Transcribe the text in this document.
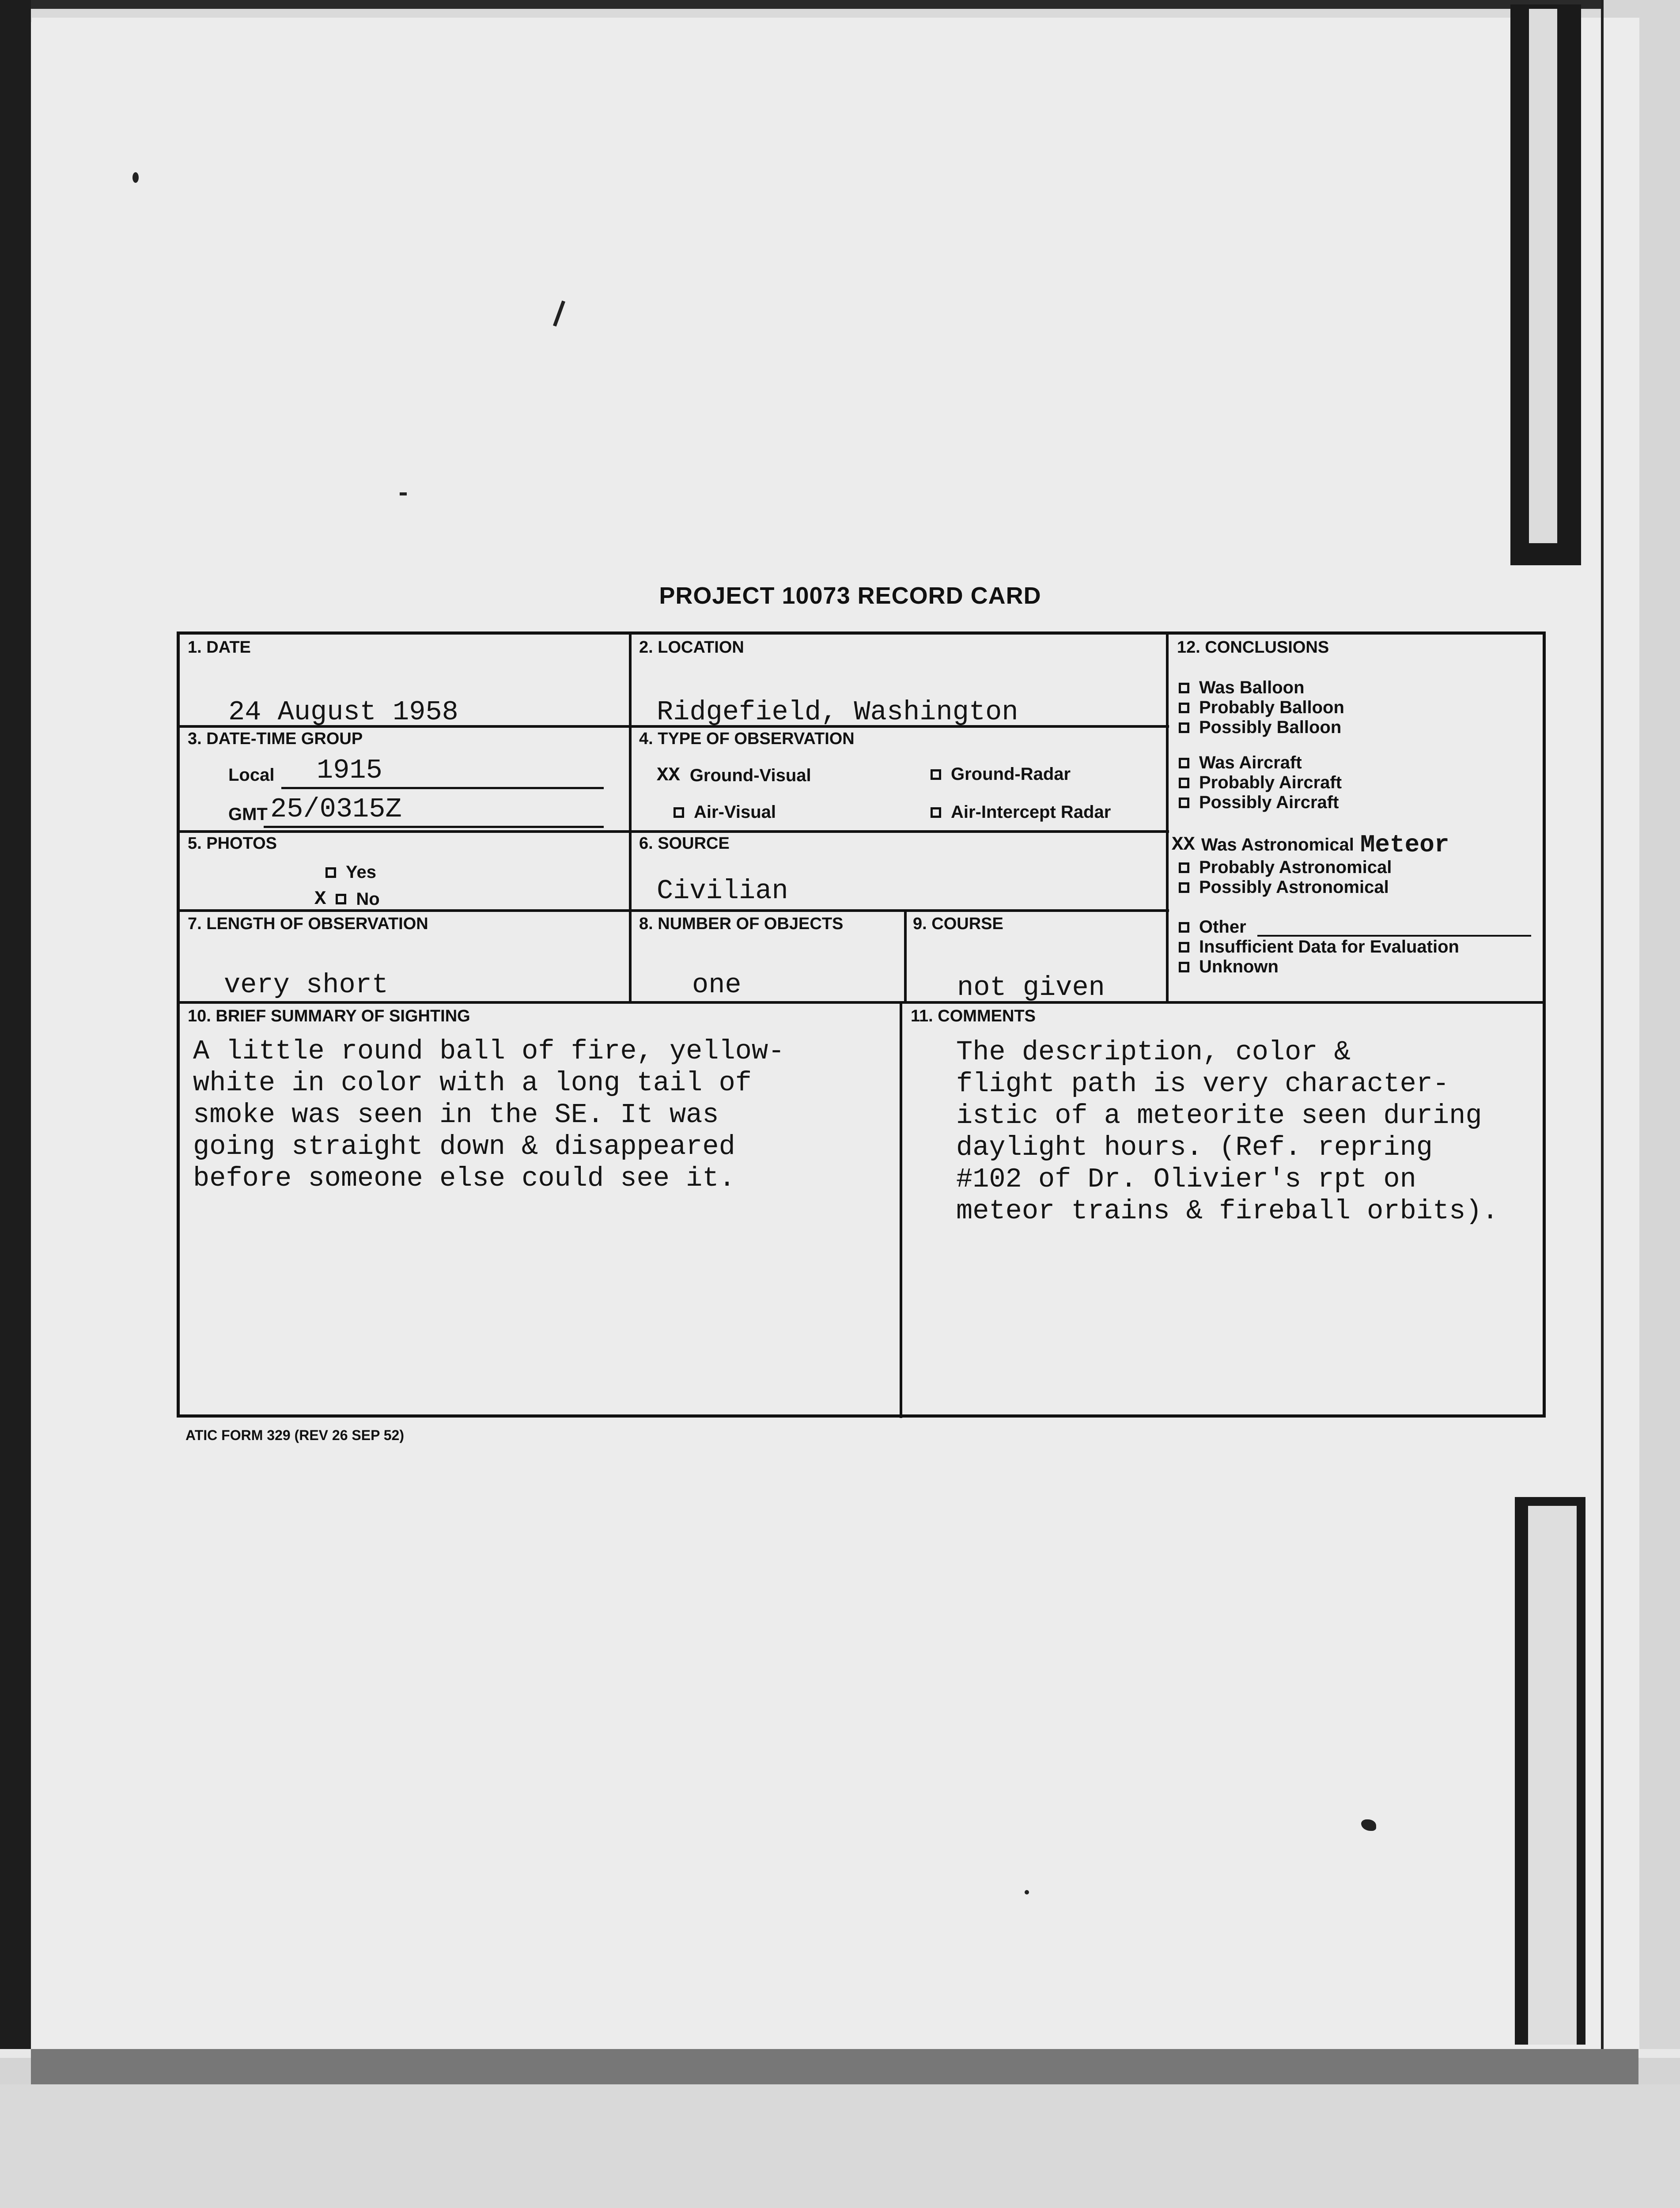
PROJECT 10073 RECORD CARD
1. DATE
24 August 1958
2. LOCATION
Ridgefield, Washington
3. DATE-TIME GROUP
Local 1915
GMT 25/0315Z
4. TYPE OF OBSERVATION
XX Ground-Visual	Ground-Radar
Air-Visual	Air-Intercept Radar
5. PHOTOS
Yes
X No
6. SOURCE
Civilian
7. LENGTH OF OBSERVATION
very short
8. NUMBER OF OBJECTS
one
9. COURSE
not given
10. BRIEF SUMMARY OF SIGHTING
A little round ball of fire, yellow-
white in color with a long tail of
smoke was seen in the SE. It was
going straight down & disappeared
before someone else could see it.
11. COMMENTS
The description, color &
flight path is very character-
istic of a meteorite seen during
daylight hours. (Ref. repring
#102 of Dr. Olivier's rpt on
meteor trains & fireball orbits).
12. CONCLUSIONS
Was Balloon
Probably Balloon
Possibly Balloon
Was Aircraft
Probably Aircraft
Possibly Aircraft
XX Was Astronomical Meteor
Probably Astronomical
Possibly Astronomical
Other
Insufficient Data for Evaluation
Unknown
ATIC FORM 329 (REV 26 SEP 52)
